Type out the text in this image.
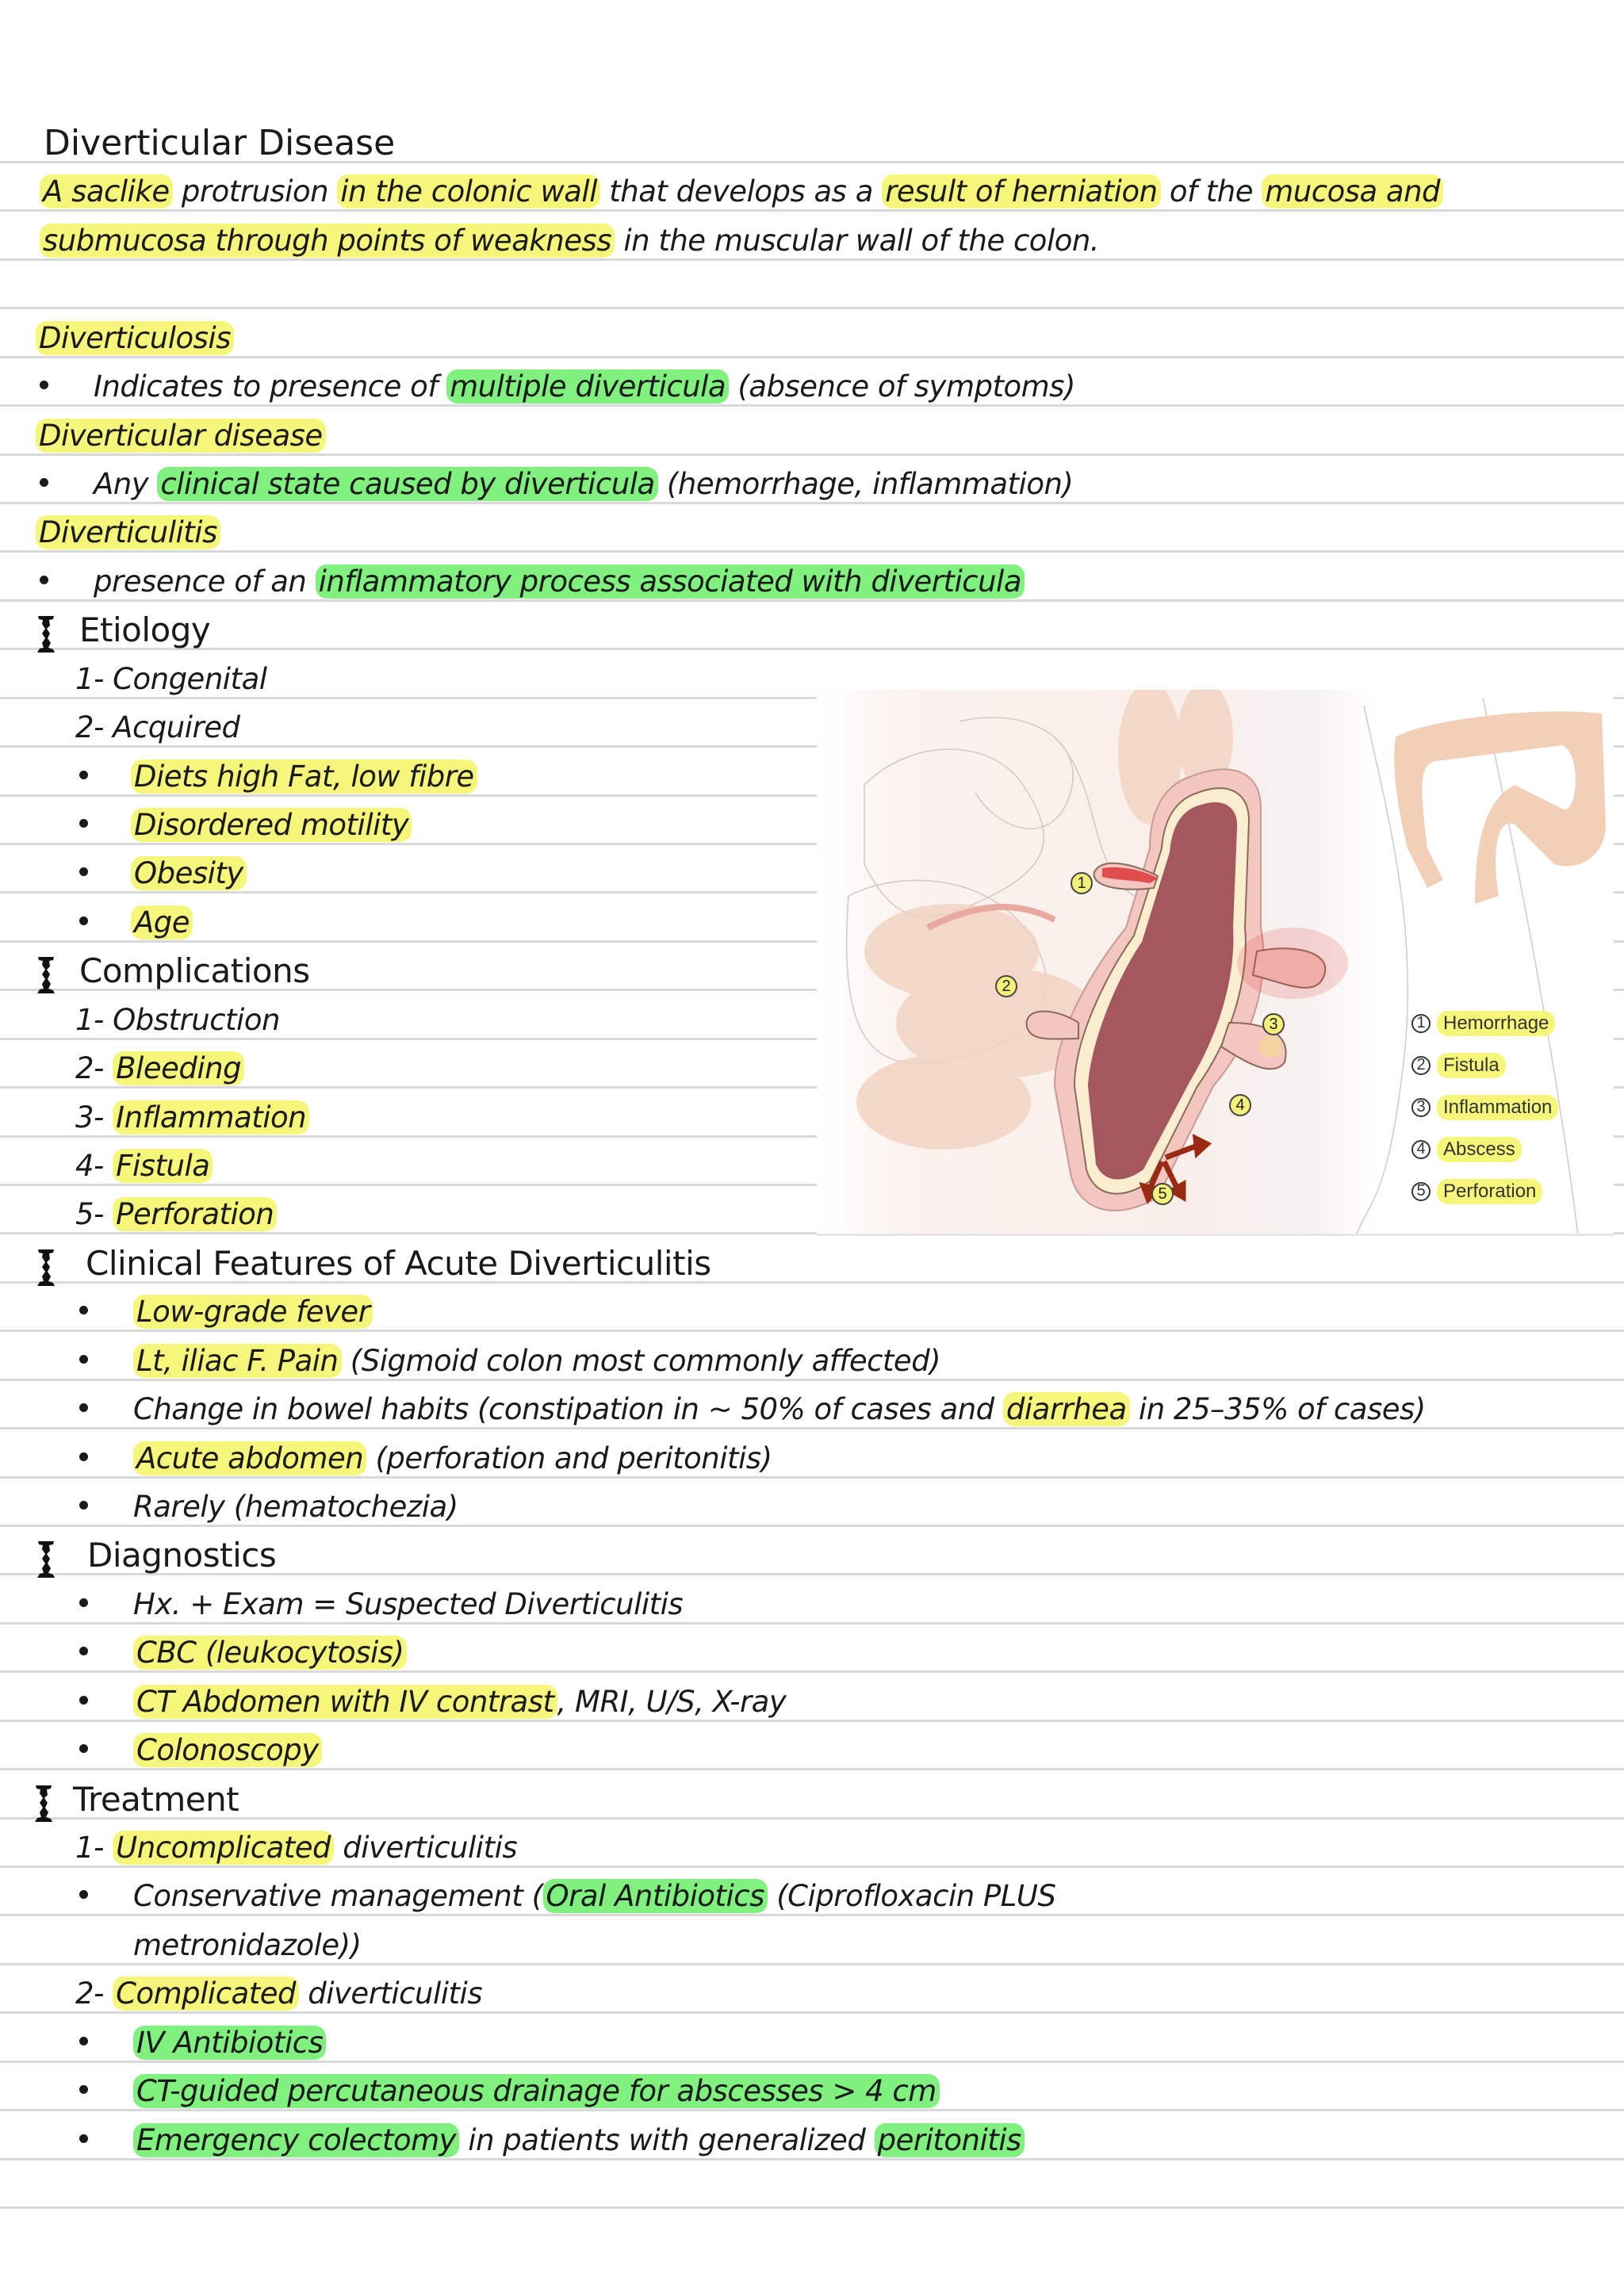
1
2
3
4
5
1 Hemorrhage
2 Fistula
3 Inflammation
4 Abscess
5 Perforation
Diverticular Disease
A saclike protrusion in the colonic wall that develops as a result of herniation of the mucosa and
submucosa through points of weakness in the muscular wall of the colon.
Diverticulosis
Indicates to presence of multiple diverticula (absence of symptoms)
Diverticular disease
Any clinical state caused by diverticula (hemorrhage, inflammation)
Diverticulitis
presence of an inflammatory process associated with diverticula
Etiology
1- Congenital
2- Acquired
Diets high Fat, low fibre
Disordered motility
Obesity
Age
Complications
1- Obstruction
2- Bleeding
3- Inflammation
4- Fistula
5- Perforation
Clinical Features of Acute Diverticulitis
Low-grade fever
Lt, iliac F. Pain (Sigmoid colon most commonly affected)
Change in bowel habits (constipation in ~ 50% of cases and diarrhea in 25–35% of cases)
Acute abdomen (perforation and peritonitis)
Rarely (hematochezia)
Diagnostics
Hx. + Exam = Suspected Diverticulitis
CBC (leukocytosis)
CT Abdomen with IV contrast , MRI, U/S, X-ray
Colonoscopy
Treatment
1- Uncomplicated diverticulitis
Conservative management ( Oral Antibiotics (Ciprofloxacin PLUS
metronidazole))
2- Complicated diverticulitis
IV Antibiotics
CT-guided percutaneous drainage for abscesses > 4 cm
Emergency colectomy in patients with generalized peritonitis
